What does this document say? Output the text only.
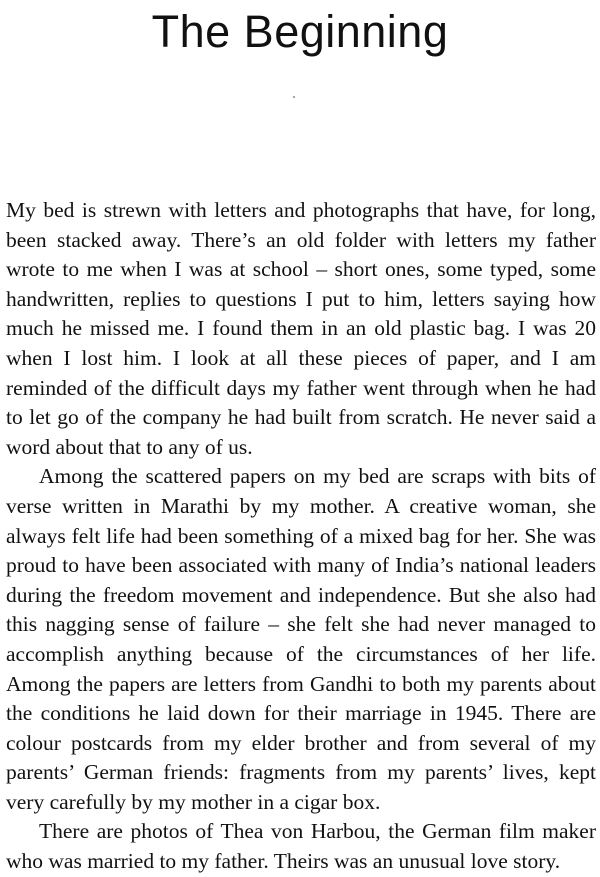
The Beginning

My bed is strewn with letters and photographs that have, for long, been stacked away. There’s an old folder with letters my father wrote to me when I was at school – short ones, some typed, some handwritten, replies to questions I put to him, letters saying how much he missed me. I found them in an old plastic bag. I was 20 when I lost him. I look at all these pieces of paper, and I am reminded of the difficult days my father went through when he had to let go of the company he had built from scratch. He never said a word about that to any of us.

Among the scattered papers on my bed are scraps with bits of verse written in Marathi by my mother. A creative woman, she always felt life had been something of a mixed bag for her. She was proud to have been associated with many of India’s national leaders during the freedom movement and independence. But she also had this nagging sense of failure – she felt she had never managed to accomplish anything because of the circumstances of her life. Among the papers are letters from Gandhi to both my parents about the conditions he laid down for their marriage in 1945. There are colour postcards from my elder brother and from several of my parents’ German friends: fragments from my parents’ lives, kept very carefully by my mother in a cigar box.

There are photos of Thea von Harbou, the German film maker who was married to my father. Theirs was an unusual love story.
